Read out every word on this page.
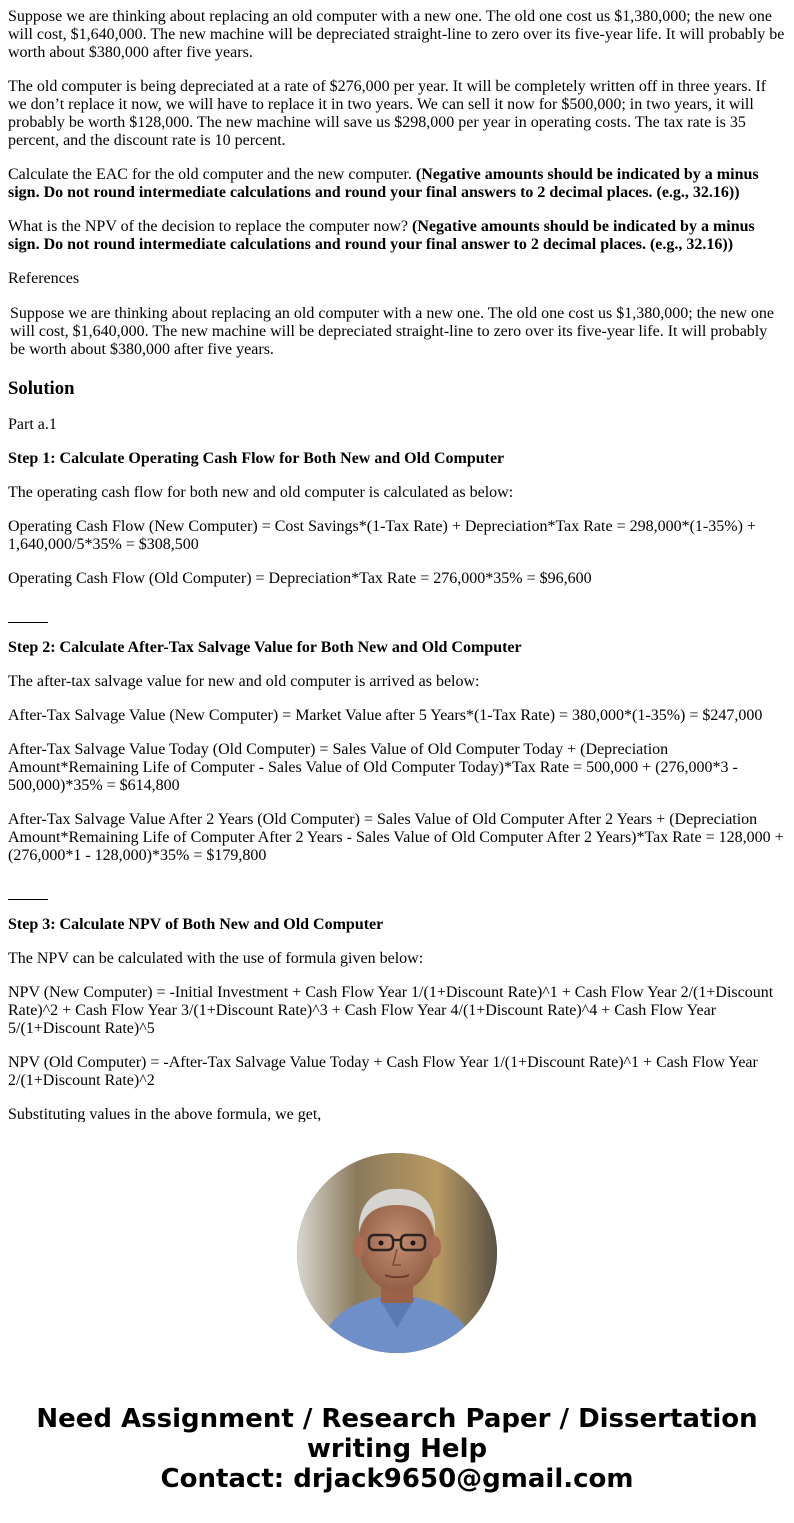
Suppose we are thinking about replacing an old computer with a new one. The old one cost us $1,380,000; the new one will cost, $1,640,000. The new machine will be depreciated straight-line to zero over its five-year life. It will probably be worth about $380,000 after five years.

The old computer is being depreciated at a rate of $276,000 per year. It will be completely written off in three years. If we don’t replace it now, we will have to replace it in two years. We can sell it now for $500,000; in two years, it will probably be worth $128,000. The new machine will save us $298,000 per year in operating costs. The tax rate is 35 percent, and the discount rate is 10 percent.

Calculate the EAC for the old computer and the new computer. (Negative amounts should be indicated by a minus sign. Do not round intermediate calculations and round your final answers to 2 decimal places. (e.g., 32.16))

What is the NPV of the decision to replace the computer now? (Negative amounts should be indicated by a minus sign. Do not round intermediate calculations and round your final answer to 2 decimal places. (e.g., 32.16))

References

Suppose we are thinking about replacing an old computer with a new one. The old one cost us $1,380,000; the new one will cost, $1,640,000. The new machine will be depreciated straight-line to zero over its five-year life. It will probably be worth about $380,000 after five years.
Solution

Part a.1

Step 1: Calculate Operating Cash Flow for Both New and Old Computer

The operating cash flow for both new and old computer is calculated as below:

Operating Cash Flow (New Computer) = Cost Savings*(1-Tax Rate) + Depreciation*Tax Rate = 298,000*(1-35%) + 1,640,000/5*35% = $308,500

Operating Cash Flow (Old Computer) = Depreciation*Tax Rate = 276,000*35% = $96,600

Step 2: Calculate After-Tax Salvage Value for Both New and Old Computer

The after-tax salvage value for new and old computer is arrived as below:

After-Tax Salvage Value (New Computer) = Market Value after 5 Years*(1-Tax Rate) = 380,000*(1-35%) = $247,000

After-Tax Salvage Value Today (Old Computer) = Sales Value of Old Computer Today + (Depreciation Amount*Remaining Life of Computer - Sales Value of Old Computer Today)*Tax Rate = 500,000 + (276,000*3 - 500,000)*35% = $614,800

After-Tax Salvage Value After 2 Years (Old Computer) = Sales Value of Old Computer After 2 Years + (Depreciation Amount*Remaining Life of Computer After 2 Years - Sales Value of Old Computer After 2 Years)*Tax Rate = 128,000 + (276,000*1 - 128,000)*35% = $179,800

Step 3: Calculate NPV of Both New and Old Computer

The NPV can be calculated with the use of formula given below:

NPV (New Computer) = -Initial Investment + Cash Flow Year 1/(1+Discount Rate)^1 + Cash Flow Year 2/(1+Discount Rate)^2 + Cash Flow Year 3/(1+Discount Rate)^3 + Cash Flow Year 4/(1+Discount Rate)^4 + Cash Flow Year 5/(1+Discount Rate)^5

NPV (Old Computer) = -After-Tax Salvage Value Today + Cash Flow Year 1/(1+Discount Rate)^1 + Cash Flow Year 2/(1+Discount Rate)^2

Substituting values in the above formula, we get,

Need Assignment / Research Paper / Dissertation
writing Help
Contact: drjack9650@gmail.com
